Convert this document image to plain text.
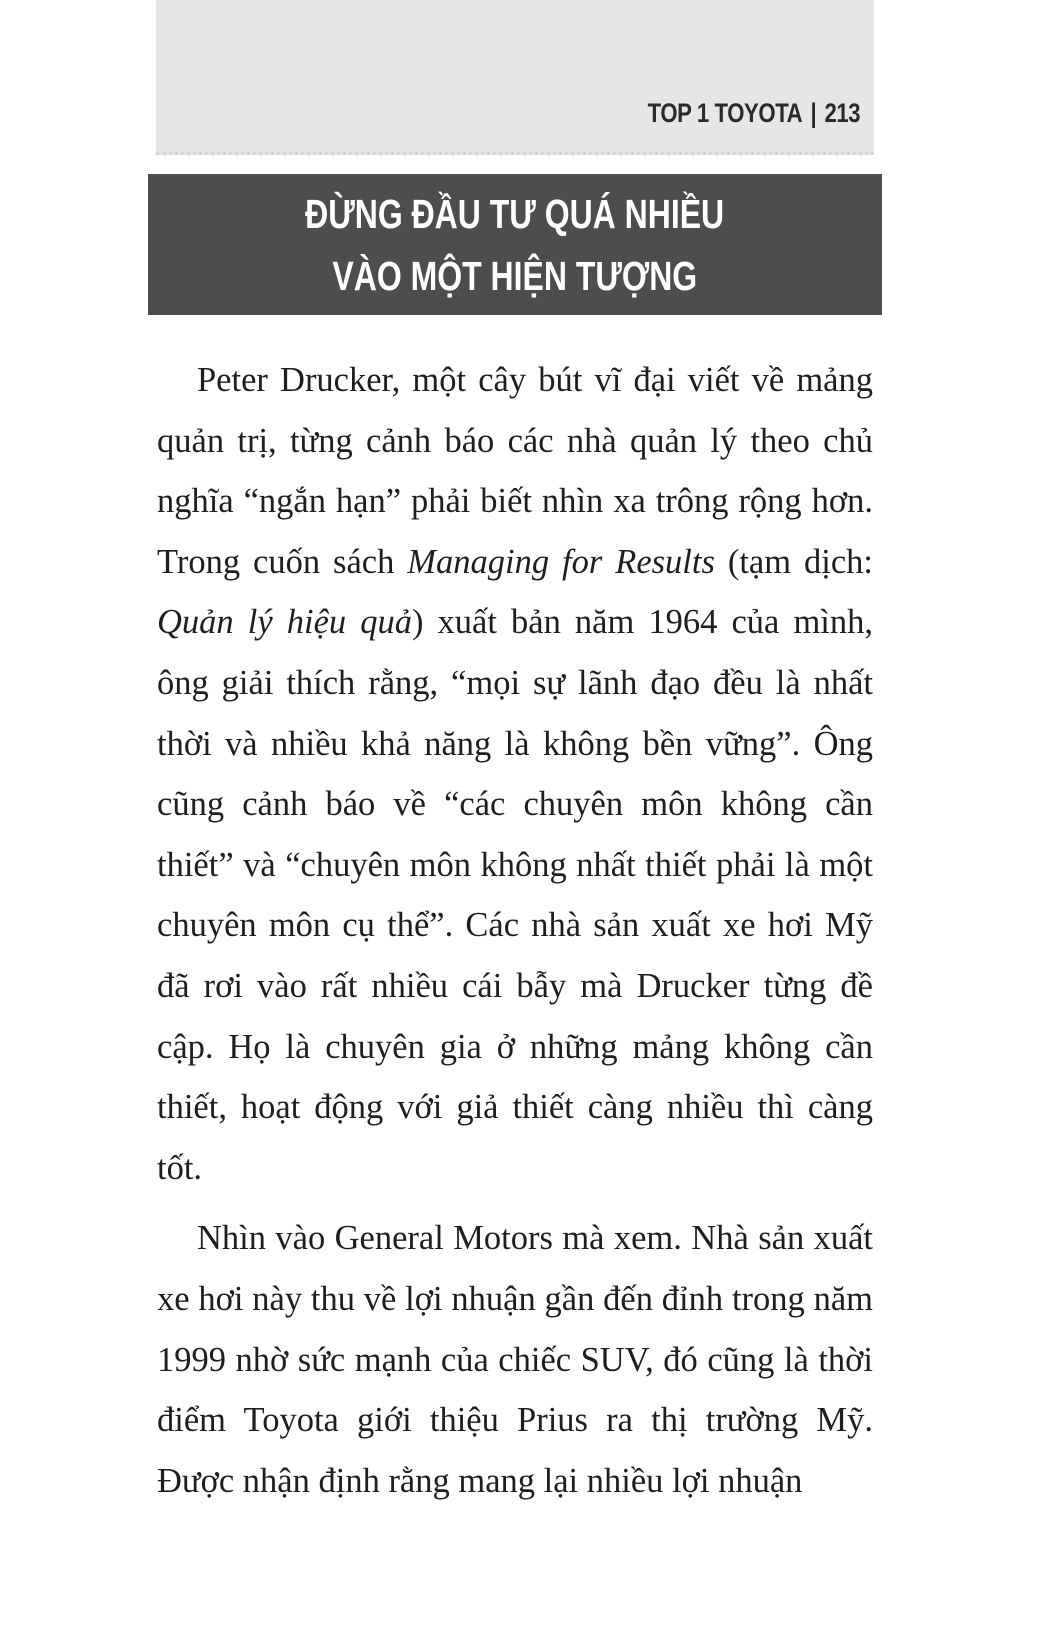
TOP 1 TOYOTA | 213
ĐỪNG ĐẦU TƯ QUÁ NHIỀU
VÀO MỘT HIỆN TƯỢNG

Peter Drucker, một cây bút vĩ đại viết về mảng quản trị, từng cảnh báo các nhà quản lý theo chủ nghĩa “ngắn hạn” phải biết nhìn xa trông rộng hơn. Trong cuốn sách Managing for Results (tạm dịch: Quản lý hiệu quả) xuất bản năm 1964 của mình, ông giải thích rằng, “mọi sự lãnh đạo đều là nhất thời và nhiều khả năng là không bền vững”. Ông cũng cảnh báo về “các chuyên môn không cần thiết” và “chuyên môn không nhất thiết phải là một chuyên môn cụ thể”. Các nhà sản xuất xe hơi Mỹ đã rơi vào rất nhiều cái bẫy mà Drucker từng đề cập. Họ là chuyên gia ở những mảng không cần thiết, hoạt động với giả thiết càng nhiều thì càng tốt.

Nhìn vào General Motors mà xem. Nhà sản xuất xe hơi này thu về lợi nhuận gần đến đỉnh trong năm 1999 nhờ sức mạnh của chiếc SUV, đó cũng là thời điểm Toyota giới thiệu Prius ra thị trường Mỹ. Được nhận định rằng mang lại nhiều lợi nhuận
